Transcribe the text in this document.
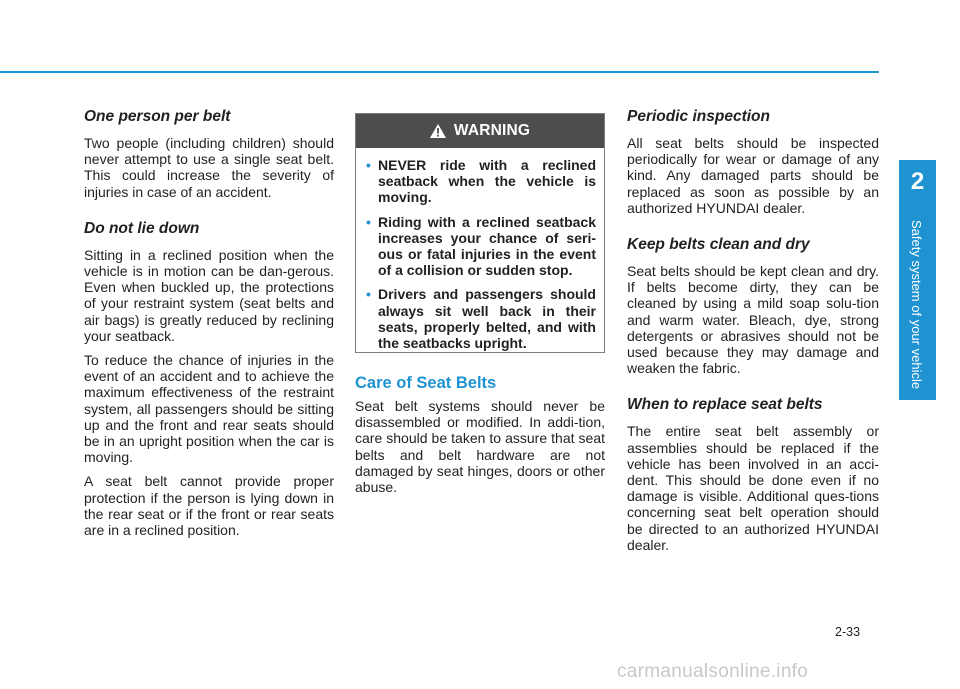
One person per belt

Two people (including children) should never attempt to use a single seat belt. This could increase the severity of injuries in case of an accident.

Do not lie down

Sitting in a reclined position when the vehicle is in motion can be dan-gerous. Even when buckled up, the protections of your restraint system (seat belts and air bags) is greatly reduced by reclining your seatback.

To reduce the chance of injuries in the event of an accident and to achieve the maximum effectiveness of the restraint system, all passengers should be sitting up and the front and rear seats should be in an upright position when the car is moving.

A seat belt cannot provide proper protection if the person is lying down in the rear seat or if the front or rear seats are in a reclined position.

WARNING
• NEVER ride with a reclined seatback when the vehicle is moving.
• Riding with a reclined seatback increases your chance of seri-ous or fatal injuries in the event of a collision or sudden stop.
• Drivers and passengers should always sit well back in their seats, properly belted, and with the seatbacks upright.
Care of Seat Belts

Seat belt systems should never be disassembled or modified. In addi-tion, care should be taken to assure that seat belts and belt hardware are not damaged by seat hinges, doors or other abuse.

Periodic inspection

All seat belts should be inspected periodically for wear or damage of any kind. Any damaged parts should be replaced as soon as possible by an authorized HYUNDAI dealer.

Keep belts clean and dry

Seat belts should be kept clean and dry. If belts become dirty, they can be cleaned by using a mild soap solu-tion and warm water. Bleach, dye, strong detergents or abrasives should not be used because they may damage and weaken the fabric.

When to replace seat belts

The entire seat belt assembly or assemblies should be replaced if the vehicle has been involved in an acci-dent. This should be done even if no damage is visible. Additional ques-tions concerning seat belt operation should be directed to an authorized HYUNDAI dealer.

2
Safety system of your vehicle
2-33
carmanualsonline.info
